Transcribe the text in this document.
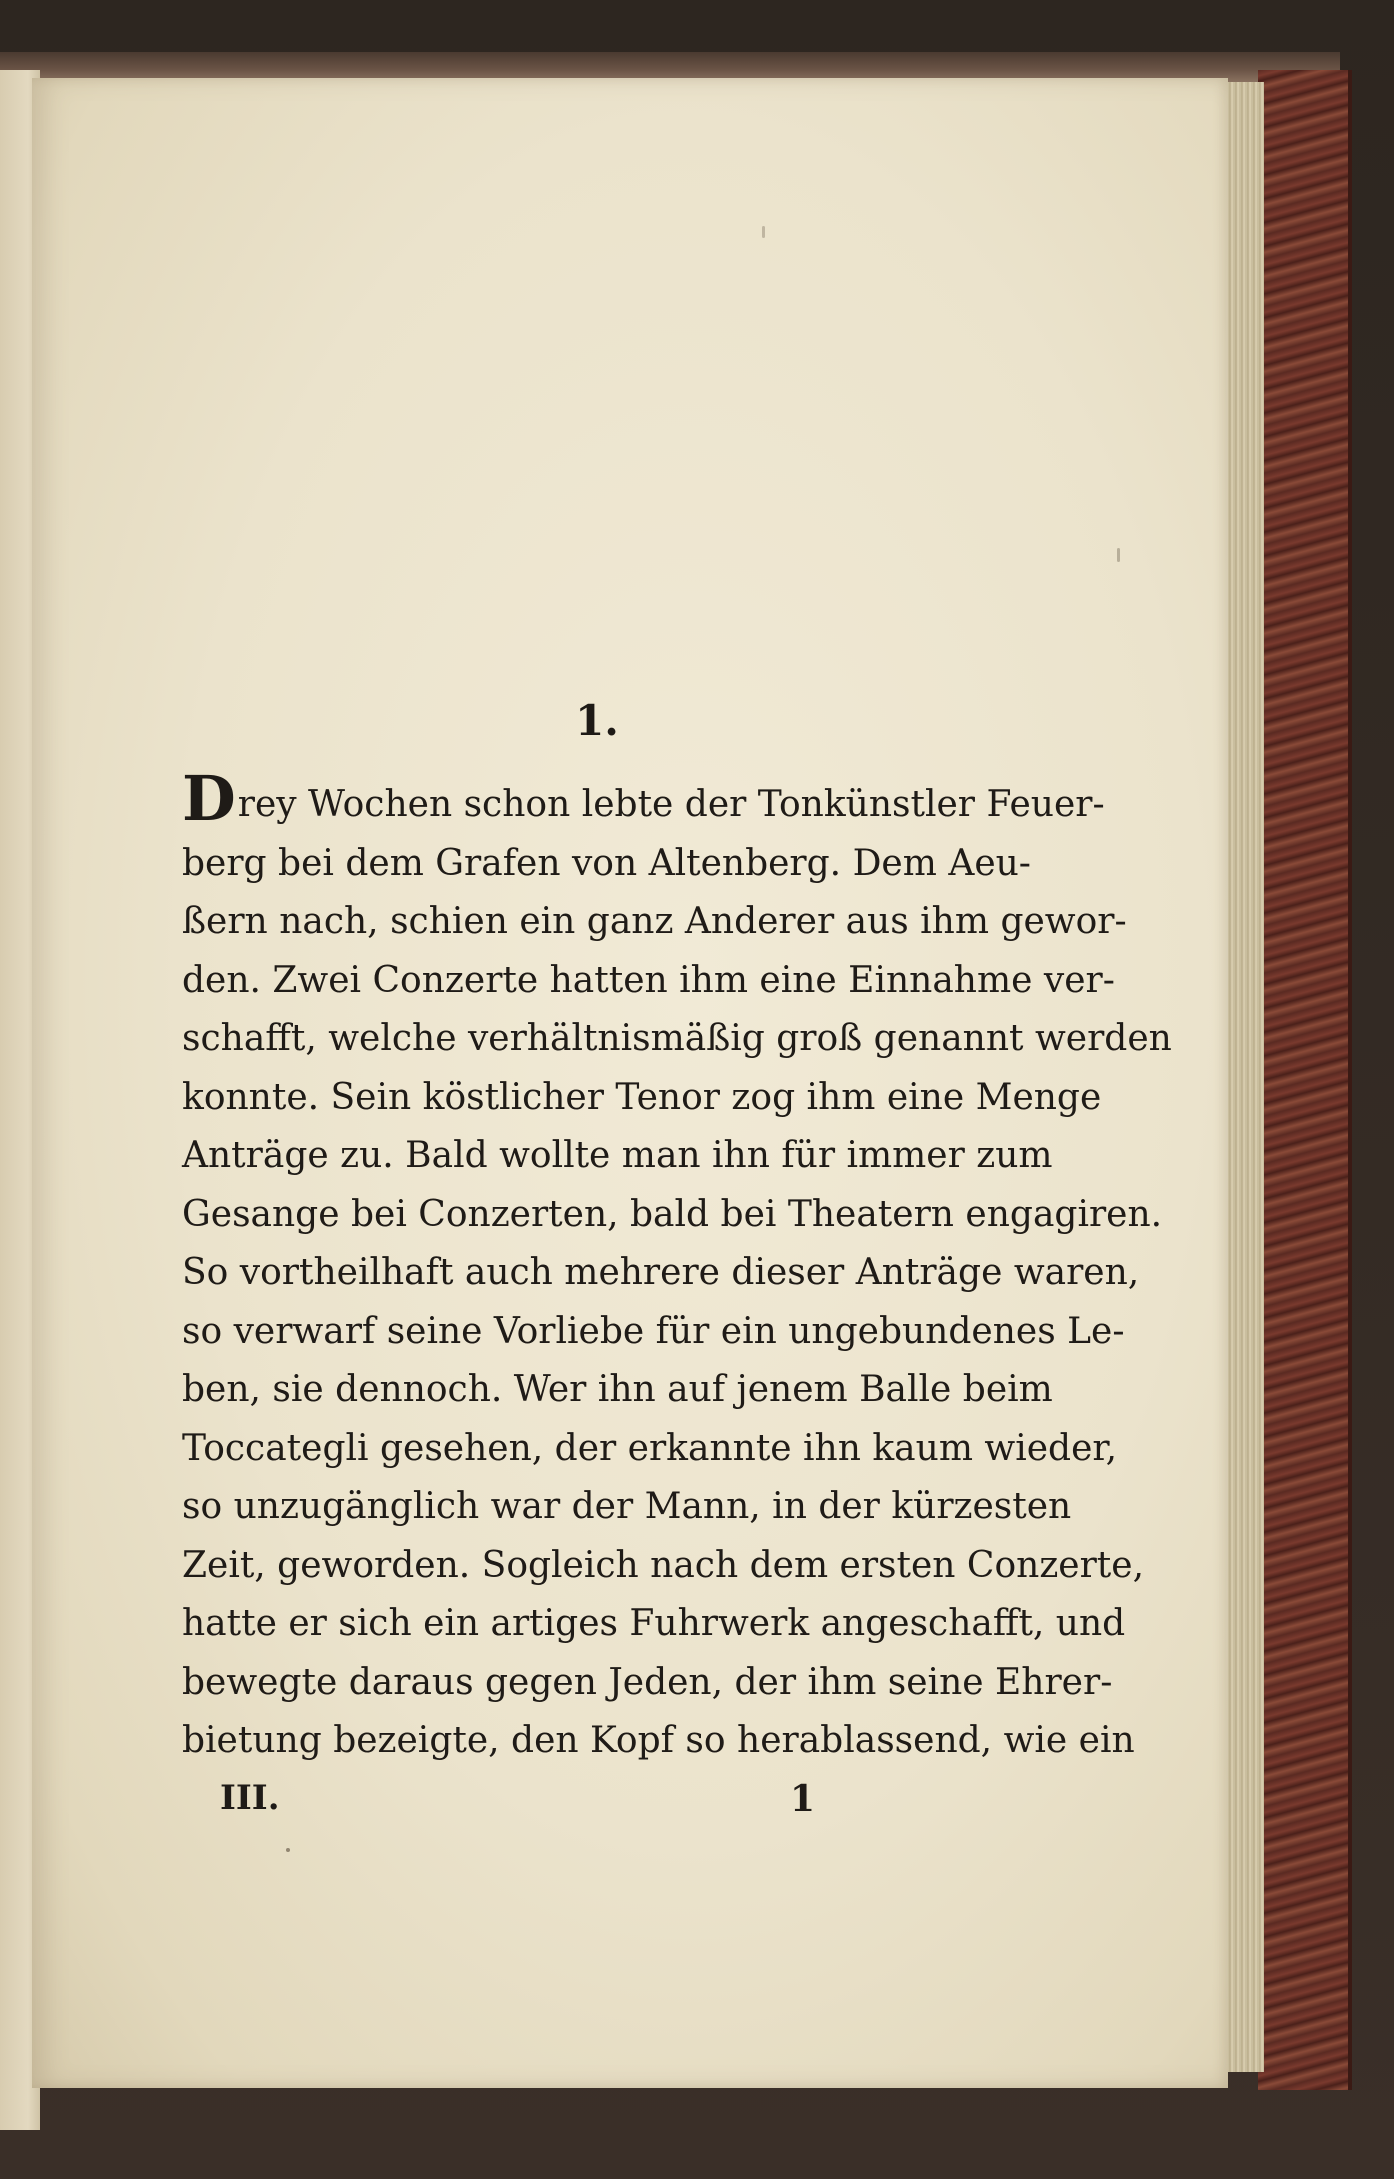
1.
Drey Wochen schon lebte der Tonkünstler Feuer-
berg bei dem Grafen von Altenberg. Dem Aeu-
ßern nach, schien ein ganz Anderer aus ihm gewor-
den. Zwei Conzerte hatten ihm eine Einnahme ver-
schafft, welche verhältnismäßig groß genannt werden
konnte. Sein köstlicher Tenor zog ihm eine Menge
Anträge zu. Bald wollte man ihn für immer zum
Gesange bei Conzerten, bald bei Theatern engagiren.
So vortheilhaft auch mehrere dieser Anträge waren,
so verwarf seine Vorliebe für ein ungebundenes Le-
ben, sie dennoch. Wer ihn auf jenem Balle beim
Toccategli gesehen, der erkannte ihn kaum wieder,
so unzugänglich war der Mann, in der kürzesten
Zeit, geworden. Sogleich nach dem ersten Conzerte,
hatte er sich ein artiges Fuhrwerk angeschafft, und
bewegte daraus gegen Jeden, der ihm seine Ehrer-
bietung bezeigte, den Kopf so herablassend, wie ein
III.	1
